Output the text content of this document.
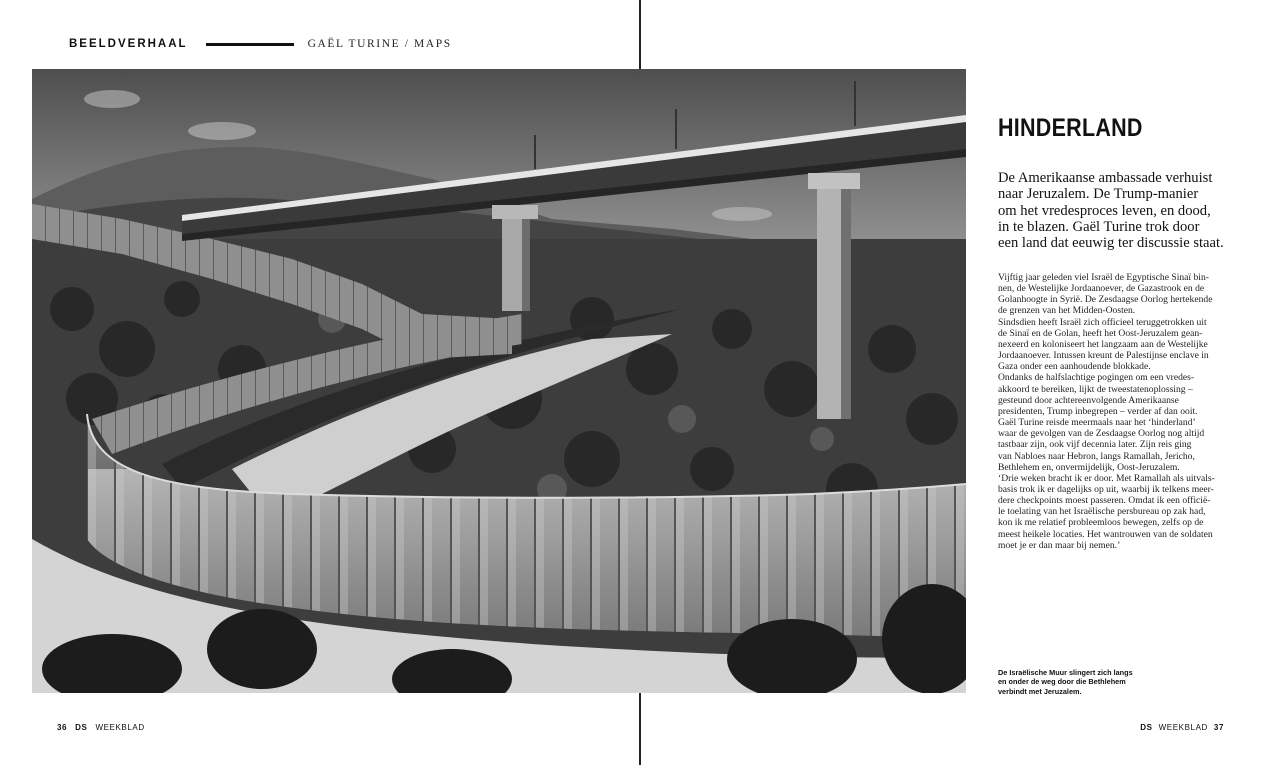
BEELDVERHAAL	GAËL TURINE / MAPS
HINDERLAND
De Amerikaanse ambassade verhuist
naar Jeruzalem. De Trump-manier
om het vredesproces leven, en dood,
in te blazen. Gaël Turine trok door
een land dat eeuwig ter discussie staat.
Vijftig jaar geleden viel Israël de Egyptische Sinaï bin-
nen, de Westelijke Jordaanoever, de Gazastrook en de
Golanhoogte in Syrië. De Zesdaagse Oorlog hertekende
de grenzen van het Midden-Oosten.
Sindsdien heeft Israël zich officieel teruggetrokken uit
de Sinaï en de Golan, heeft het Oost-Jeruzalem gean-
nexeerd en koloniseert het langzaam aan de Westelijke
Jordaanoever. Intussen kreunt de Palestijnse enclave in
Gaza onder een aanhoudende blokkade.
Ondanks de halfslachtige pogingen om een vredes-
akkoord te bereiken, lijkt de tweestatenoplossing –
gesteund door achtereenvolgende Amerikaanse
presidenten, Trump inbegrepen – verder af dan ooit.
Gaël Turine reisde meermaals naar het ‘hinderland’
waar de gevolgen van de Zesdaagse Oorlog nog altijd
tastbaar zijn, ook vijf decennia later. Zijn reis ging
van Nabloes naar Hebron, langs Ramallah, Jericho,
Bethlehem en, onvermijdelijk, Oost-Jeruzalem.
‘Drie weken bracht ik er door. Met Ramallah als uitvals-
basis trok ik er dagelijks op uit, waarbij ik telkens meer-
dere checkpoints moest passeren. Omdat ik een officië-
le toelating van het Israëlische persbureau op zak had,
kon ik me relatief probleemloos bewegen, zelfs op de
meest heikele locaties. Het wantrouwen van de soldaten
moet je er dan maar bij nemen.’
De Israëlische Muur slingert zich langs
en onder de weg door die Bethlehem
verbindt met Jeruzalem.
36 DS WEEKBLAD	DS WEEKBLAD 37
